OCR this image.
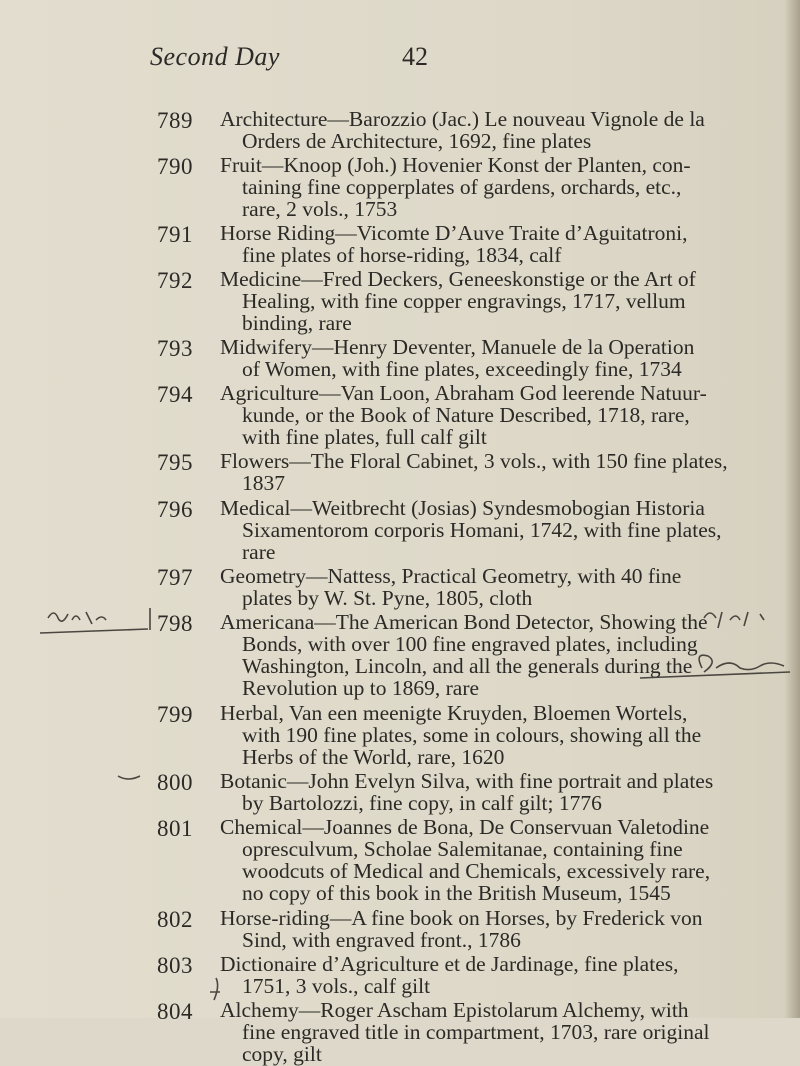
Second Day	42
789 Architecture—Barozzio (Jac.) Le nouveau Vignole de la
Orders de Architecture, 1692, fine plates
790 Fruit—Knoop (Joh.) Hovenier Konst der Planten, con-
taining fine copperplates of gardens, orchards, etc.,
rare, 2 vols., 1753
791 Horse Riding—Vicomte D’Auve Traite d’Aguitatroni,
fine plates of horse-riding, 1834, calf
792 Medicine—Fred Deckers, Geneeskonstige or the Art of
Healing, with fine copper engravings, 1717, vellum
binding, rare
793 Midwifery—Henry Deventer, Manuele de la Operation
of Women, with fine plates, exceedingly fine, 1734
794 Agriculture—Van Loon, Abraham God leerende Natuur-
kunde, or the Book of Nature Described, 1718, rare,
with fine plates, full calf gilt
795 Flowers—The Floral Cabinet, 3 vols., with 150 fine plates,
1837
796 Medical—Weitbrecht (Josias) Syndesmobogian Historia
Sixamentorom corporis Homani, 1742, with fine plates,
rare
797 Geometry—Nattess, Practical Geometry, with 40 fine
plates by W. St. Pyne, 1805, cloth
798 Americana—The American Bond Detector, Showing the
Bonds, with over 100 fine engraved plates, including
Washington, Lincoln, and all the generals during the
Revolution up to 1869, rare
799 Herbal, Van een meenigte Kruyden, Bloemen Wortels,
with 190 fine plates, some in colours, showing all the
Herbs of the World, rare, 1620
800 Botanic—John Evelyn Silva, with fine portrait and plates
by Bartolozzi, fine copy, in calf gilt; 1776
801 Chemical—Joannes de Bona, De Conservuan Valetodine
opresculvum, Scholae Salemitanae, containing fine
woodcuts of Medical and Chemicals, excessively rare,
no copy of this book in the British Museum, 1545
802 Horse-riding—A fine book on Horses, by Frederick von
Sind, with engraved front., 1786
803 Dictionaire d’Agriculture et de Jardinage, fine plates,
1751, 3 vols., calf gilt
804 Alchemy—Roger Ascham Epistolarum Alchemy, with
fine engraved title in compartment, 1703, rare original
copy, gilt
